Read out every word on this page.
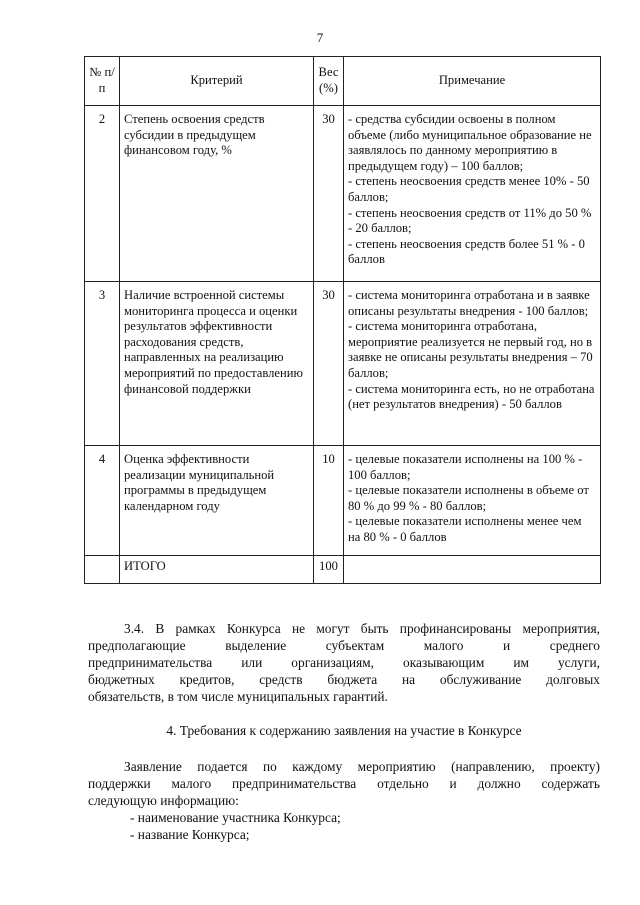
7
№ п/п	Критерий	Вес (%)	Примечание
2	Степень освоения средств субсидии в предыдущем финансовом году, %	30	- средства субсидии освоены в полном объеме (либо муниципальное образование не заявлялось по данному мероприятию в предыдущем году) – 100 баллов;
- степень неосвоения средств менее 10% - 50 баллов;
- степень неосвоения средств от 11% до 50 % - 20 баллов;
- степень неосвоения средств более 51 % - 0 баллов

3	Наличие встроенной системы мониторинга процесса и оценки результатов эффективности расходования средств, направленных на реализацию мероприятий по предоставлению финансовой поддержки	30	- система мониторинга отработана и в заявке описаны результаты внедрения - 100 баллов;
- система мониторинга отработана, мероприятие реализуется не первый год, но в заявке не описаны результаты внедрения – 70 баллов;
- система мониторинга есть, но не отработана (нет результатов внедрения) - 50 баллов

4	Оценка эффективности реализации муниципальной программы в предыдущем календарном году	10	- целевые показатели исполнены на 100 % - 100 баллов;
- целевые показатели исполнены в объеме от 80 % до 99 % - 80 баллов;
- целевые показатели исполнены менее чем на 80 % - 0 баллов

	ИТОГО	100	
3.4. В рамках Конкурса не могут быть профинансированы мероприятия,
предполагающие выделение субъектам малого и среднего
предпринимательства или организациям, оказывающим им услуги,
бюджетных кредитов, средств бюджета на обслуживание долговых
обязательств, в том числе муниципальных гарантий.
4. Требования к содержанию заявления на участие в Конкурсе
Заявление подается по каждому мероприятию (направлению, проекту)
поддержки малого предпринимательства отдельно и должно содержать
следующую информацию:
- наименование участника Конкурса;
- название Конкурса;
